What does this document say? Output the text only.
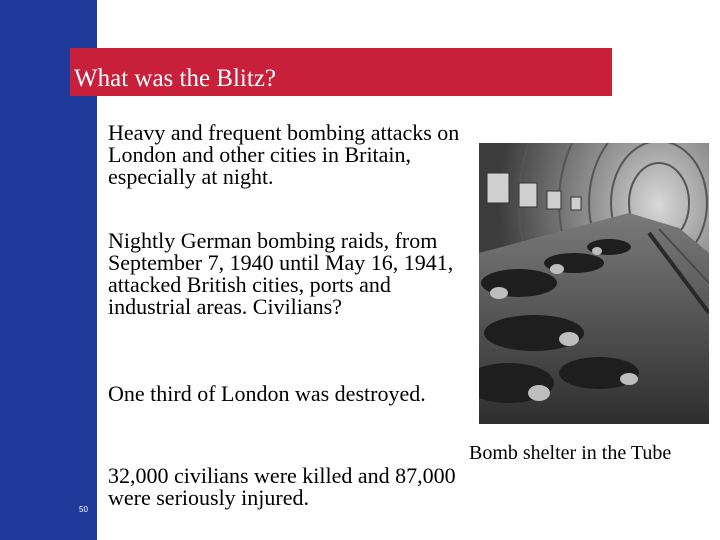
What was the Blitz?
Heavy and frequent bombing attacks on London and other cities in Britain, especially at night.
Nightly German bombing raids, from September 7, 1940 until May 16, 1941, attacked British cities, ports and industrial areas. Civilians?
One third of London was destroyed.
32,000 civilians were killed and 87,000 were seriously injured.
Bomb shelter in the Tube
50
